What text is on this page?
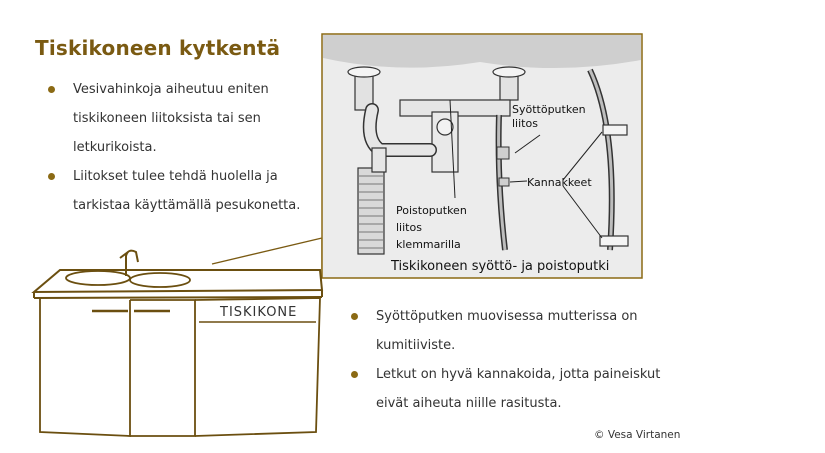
Syöttöputken
liitos
Kannakkeet
Poistoputken
liitos
klemmarilla
Tiskikoneen syöttö- ja poistoputki
TISKIKONE
Tiskikoneen kytkentä
Vesivahinkoja aiheutuu eniten tiskikoneen liitoksista tai sen letkurikoista.
Liitokset tulee tehdä huolella ja tarkistaa käyttämällä pesukonetta.
Syöttöputken muovisessa mutterissa on kumitiiviste.
Letkut on hyvä kannakoida, jotta paineiskut eivät aiheuta niille rasitusta.

© Vesa Virtanen
